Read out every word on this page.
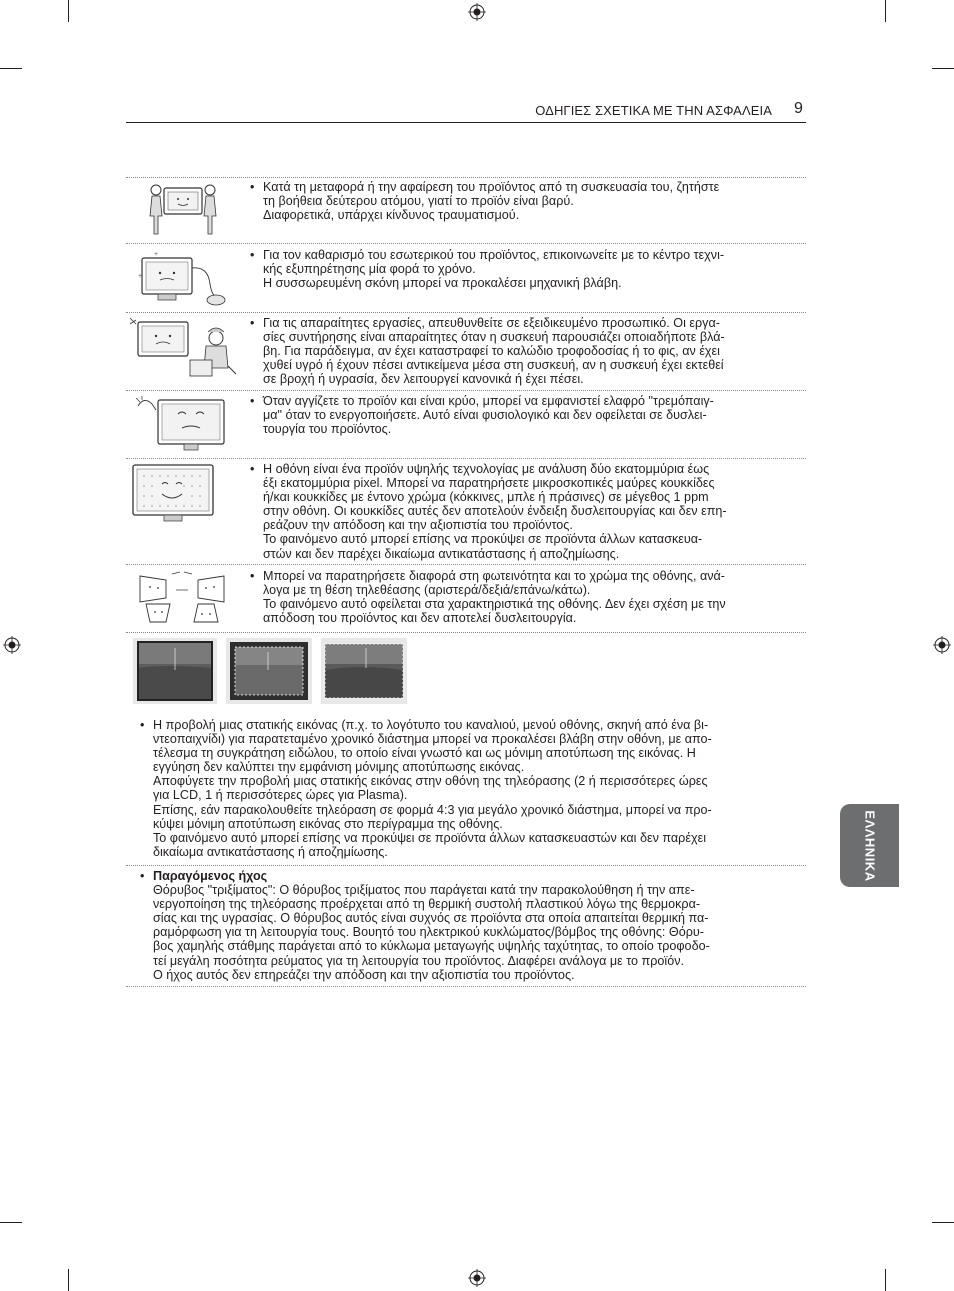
ΟΔΗΓΙΕΣ ΣΧΕΤΙΚΑ ΜΕ ΤΗΝ ΑΣΦΑΛΕΙΑ 9
ΕΛΛΗΝΙΚΑ
• Κατά τη μεταφορά ή την αφαίρεση του προϊόντος από τη συσκευασία του, ζητήστε
τη βοήθεια δεύτερου ατόμου, γιατί το προϊόν είναι βαρύ.
Διαφορετικά, υπάρχει κίνδυνος τραυματισμού.
+
+
• Για τον καθαρισμό του εσωτερικού του προϊόντος, επικοινωνείτε με το κέντρο τεχνι-
κής εξυπηρέτησης μία φορά το χρόνο.
Η συσσωρευμένη σκόνη μπορεί να προκαλέσει μηχανική βλάβη.
• Για τις απαραίτητες εργασίες, απευθυνθείτε σε εξειδικευμένο προσωπικό. Οι εργα-
σίες συντήρησης είναι απαραίτητες όταν η συσκευή παρουσιάζει οποιαδήποτε βλά-
βη. Για παράδειγμα, αν έχει καταστραφεί το καλώδιο τροφοδοσίας ή το φις, αν έχει
χυθεί υγρό ή έχουν πέσει αντικείμενα μέσα στη συσκευή, αν η συσκευή έχει εκτεθεί
σε βροχή ή υγρασία, δεν λειτουργεί κανονικά ή έχει πέσει.
• Όταν αγγίζετε το προϊόν και είναι κρύο, μπορεί να εμφανιστεί ελαφρό "τρεμόπαιγ-
μα" όταν το ενεργοποιήσετε. Αυτό είναι φυσιολογικό και δεν οφείλεται σε δυσλει-
τουργία του προϊόντος.
• Η οθόνη είναι ένα προϊόν υψηλής τεχνολογίας με ανάλυση δύο εκατομμύρια έως
έξι εκατομμύρια pixel. Μπορεί να παρατηρήσετε μικροσκοπικές μαύρες κουκκίδες
ή/και κουκκίδες με έντονο χρώμα (κόκκινες, μπλε ή πράσινες) σε μέγεθος 1 ppm
στην οθόνη. Οι κουκκίδες αυτές δεν αποτελούν ένδειξη δυσλειτουργίας και δεν επη-
ρεάζουν την απόδοση και την αξιοπιστία του προϊόντος.
Το φαινόμενο αυτό μπορεί επίσης να προκύψει σε προϊόντα άλλων κατασκευα-
στών και δεν παρέχει δικαίωμα αντικατάστασης ή αποζημίωσης.
• Μπορεί να παρατηρήσετε διαφορά στη φωτεινότητα και το χρώμα της οθόνης, ανά-
λογα με τη θέση τηλεθέασης (αριστερά/δεξιά/επάνω/κάτω).
Το φαινόμενο αυτό οφείλεται στα χαρακτηριστικά της οθόνης. Δεν έχει σχέση με την
απόδοση του προϊόντος και δεν αποτελεί δυσλειτουργία.
• Η προβολή μιας στατικής εικόνας (π.χ. το λογότυπο του καναλιού, μενού οθόνης, σκηνή από ένα βι-
ντεοπαιχνίδι) για παρατεταμένο χρονικό διάστημα μπορεί να προκαλέσει βλάβη στην οθόνη, με απο-
τέλεσμα τη συγκράτηση ειδώλου, το οποίο είναι γνωστό και ως μόνιμη αποτύπωση της εικόνας. Η
εγγύηση δεν καλύπτει την εμφάνιση μόνιμης αποτύπωσης εικόνας.
Αποφύγετε την προβολή μιας στατικής εικόνας στην οθόνη της τηλεόρασης (2 ή περισσότερες ώρες
για LCD, 1 ή περισσότερες ώρες για Plasma).
Επίσης, εάν παρακολουθείτε τηλεόραση σε φορμά 4:3 για μεγάλο χρονικό διάστημα, μπορεί να προ-
κύψει μόνιμη αποτύπωση εικόνας στο περίγραμμα της οθόνης.
Το φαινόμενο αυτό μπορεί επίσης να προκύψει σε προϊόντα άλλων κατασκευαστών και δεν παρέχει
δικαίωμα αντικατάστασης ή αποζημίωσης.
• Παραγόμενος ήχος
Θόρυβος "τριξίματος": Ο θόρυβος τριξίματος που παράγεται κατά την παρακολούθηση ή την απε-
νεργοποίηση της τηλεόρασης προέρχεται από τη θερμική συστολή πλαστικού λόγω της θερμοκρα-
σίας και της υγρασίας. Ο θόρυβος αυτός είναι συχνός σε προϊόντα στα οποία απαιτείται θερμική πα-
ραμόρφωση για τη λειτουργία τους. Βουητό του ηλεκτρικού κυκλώματος/βόμβος της οθόνης: Θόρυ-
βος χαμηλής στάθμης παράγεται από το κύκλωμα μεταγωγής υψηλής ταχύτητας, το οποίο τροφοδο-
τεί μεγάλη ποσότητα ρεύματος για τη λειτουργία του προϊόντος. Διαφέρει ανάλογα με το προϊόν.
Ο ήχος αυτός δεν επηρεάζει την απόδοση και την αξιοπιστία του προϊόντος.
